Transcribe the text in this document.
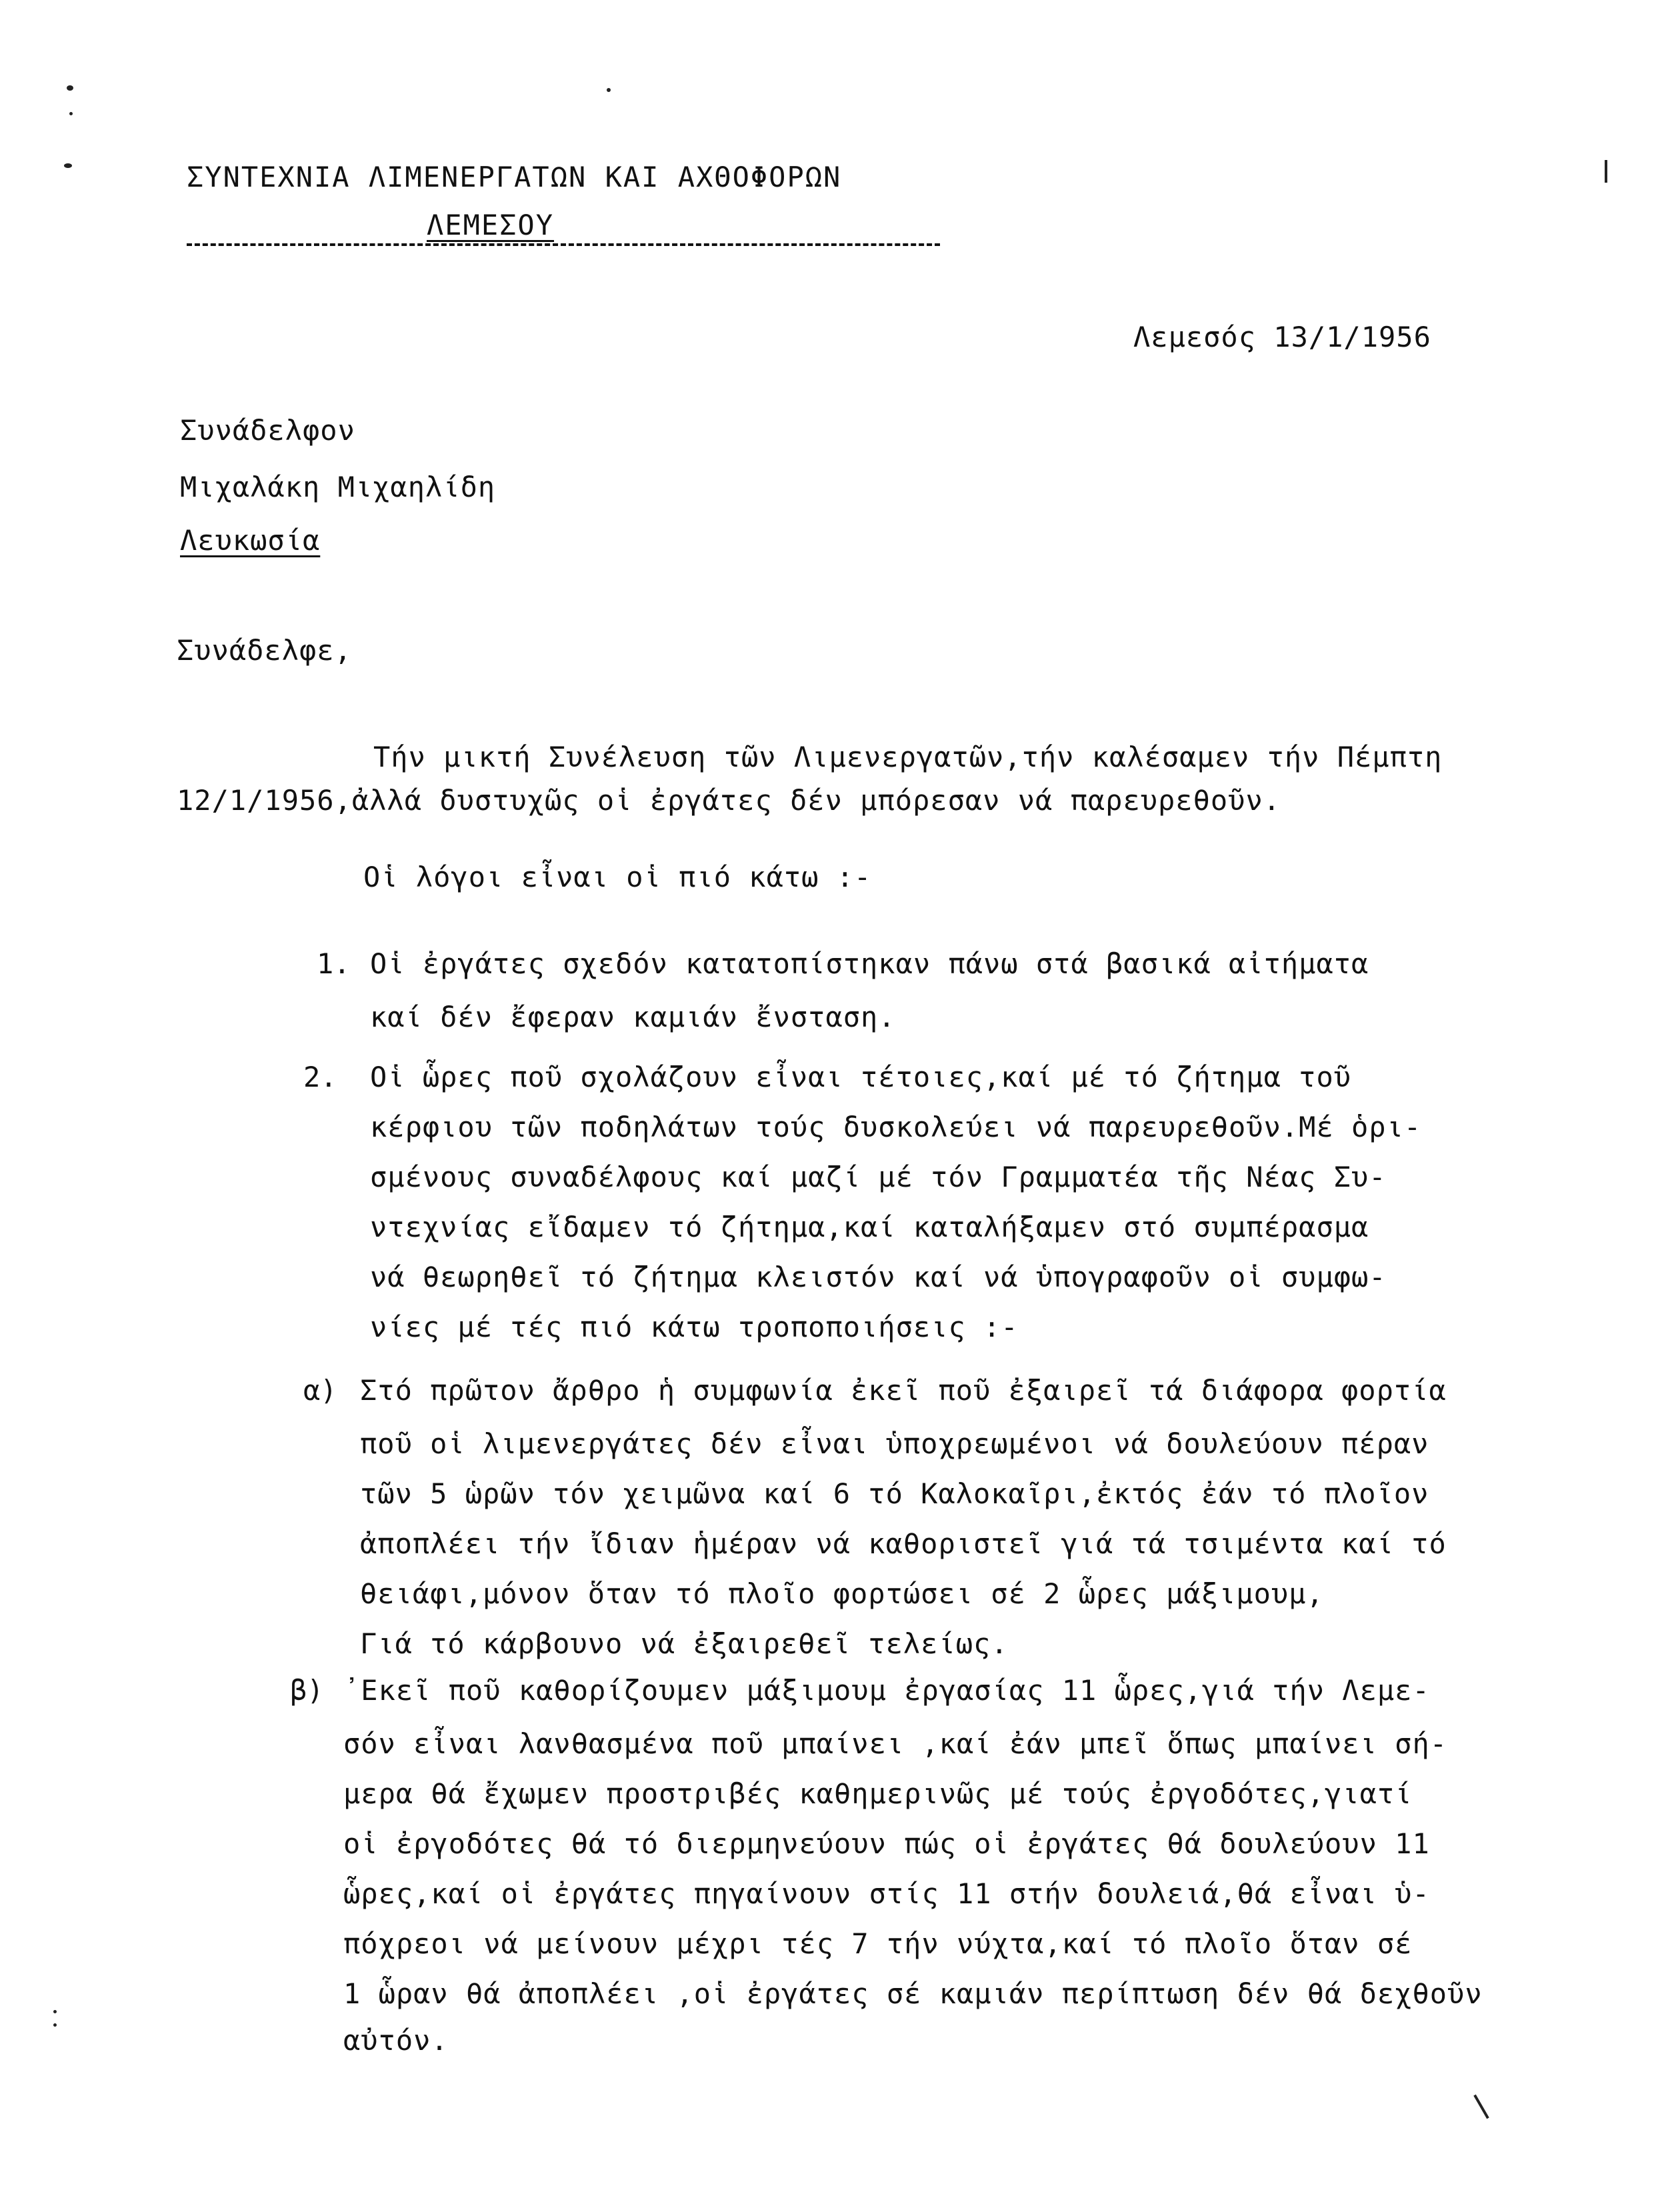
ΣΥΝΤΕΧΝΙΑ ΛΙΜΕΝΕΡΓΑΤΩΝ ΚΑΙ ΑΧΘΟΦΟΡΩΝ
ΛΕΜΕΣΟΥ
Λεμεσός 13/1/1956
Συνάδελφον
Μιχαλάκη Μιχαηλίδη
Λευκωσία
Συνάδελφε,
Τήν μικτή Συνέλευση τῶν Λιμενεργατῶν,τήν καλέσαμεν τήν Πέμπτη
12/1/1956,ἀλλά δυστυχῶς οἱ ἐργάτες δέν μπόρεσαν νά παρευρεθοῦν.
Οἱ λόγοι εἶναι οἱ πιό κάτω :-
1. Οἱ ἐργάτες σχεδόν κατατοπίστηκαν πάνω στά βασικά αἰτήματα
καί δέν ἔφεραν καμιάν ἔνσταση.
2. Οἱ ὧρες ποῦ σχολάζουν εἶναι τέτοιες,καί μέ τό ζήτημα τοῦ
κέρφιου τῶν ποδηλάτων τούς δυσκολεύει νά παρευρεθοῦν.Μέ ὁρι-
σμένους συναδέλφους καί μαζί μέ τόν Γραμματέα τῆς Νέας Συ-
ντεχνίας εἴδαμεν τό ζήτημα,καί καταλήξαμεν στό συμπέρασμα
νά θεωρηθεῖ τό ζήτημα κλειστόν καί νά ὑπογραφοῦν οἱ συμφω-
νίες μέ τές πιό κάτω τροποποιήσεις :-
α) Στό πρῶτον ἄρθρο ἡ συμφωνία ἐκεῖ ποῦ ἐξαιρεῖ τά διάφορα φορτία
ποῦ οἱ λιμενεργάτες δέν εἶναι ὑποχρεωμένοι νά δουλεύουν πέραν
τῶν 5 ὡρῶν τόν χειμῶνα καί 6 τό Καλοκαῖρι,ἐκτός ἐάν τό πλοῖον
ἀποπλέει τήν ἴδιαν ἡμέραν νά καθοριστεῖ γιά τά τσιμέντα καί τό
θειάφι,μόνον ὅταν τό πλοῖο φορτώσει σέ 2 ὧρες μάξιμουμ,
Γιά τό κάρβουνο νά ἐξαιρεθεῖ τελείως.
β) ᾿Εκεῖ ποῦ καθορίζουμεν μάξιμουμ ἐργασίας 11 ὧρες,γιά τήν Λεμε-
σόν εἶναι λανθασμένα ποῦ μπαίνει ,καί ἐάν μπεῖ ὅπως μπαίνει σή-
μερα θά ἔχωμεν προστριβές καθημερινῶς μέ τούς ἐργοδότες,γιατί
οἱ ἐργοδότες θά τό διερμηνεύουν πώς οἱ ἐργάτες θά δουλεύουν 11
ὧρες,καί οἱ ἐργάτες πηγαίνουν στίς 11 στήν δουλειά,θά εἶναι ὑ-
πόχρεοι νά μείνουν μέχρι τές 7 τήν νύχτα,καί τό πλοῖο ὅταν σέ
1 ὧραν θά ἀποπλέει ,οἱ ἐργάτες σέ καμιάν περίπτωση δέν θά δεχθοῦν
αὐτόν.
